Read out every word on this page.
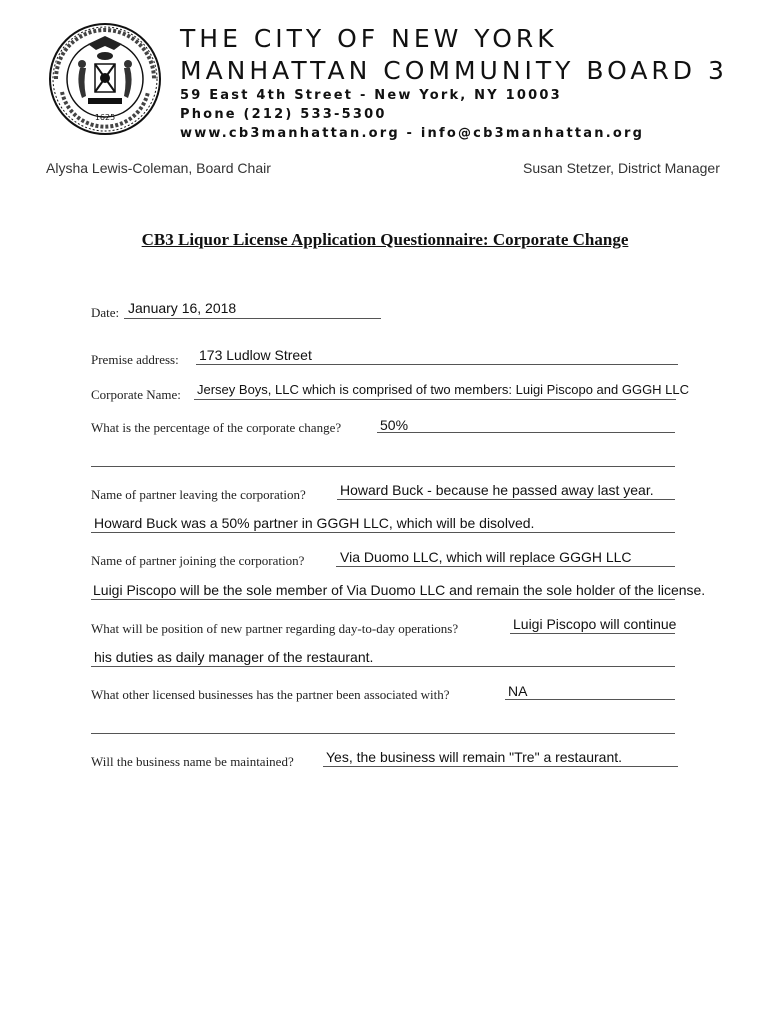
1625
THE CITY OF NEW YORK
MANHATTAN COMMUNITY BOARD 3
59 East 4th Street - New York, NY 10003
Phone (212) 533-5300
www.cb3manhattan.org - info@cb3manhattan.org
Alysha Lewis-Coleman, Board Chair	Susan Stetzer, District Manager
CB3 Liquor License Application Questionnaire: Corporate Change
Date: January 16, 2018
Premise address: 173 Ludlow Street
Corporate Name: Jersey Boys, LLC which is comprised of two members: Luigi Piscopo and GGGH LLC
What is the percentage of the corporate change?	50%
Name of partner leaving the corporation? Howard Buck - because he passed away last year.
Howard Buck was a 50% partner in GGGH LLC, which will be disolved.
Name of partner joining the corporation?	Via Duomo LLC, which will replace GGGH LLC
Luigi Piscopo will be the sole member of Via Duomo LLC and remain the sole holder of the license.
What will be position of new partner regarding day-to-day operations?	Luigi Piscopo will continue
his duties as daily manager of the restaurant.
What other licensed businesses has the partner been associated with?	NA
Will the business name be maintained? Yes, the business will remain "Tre" a restaurant.
